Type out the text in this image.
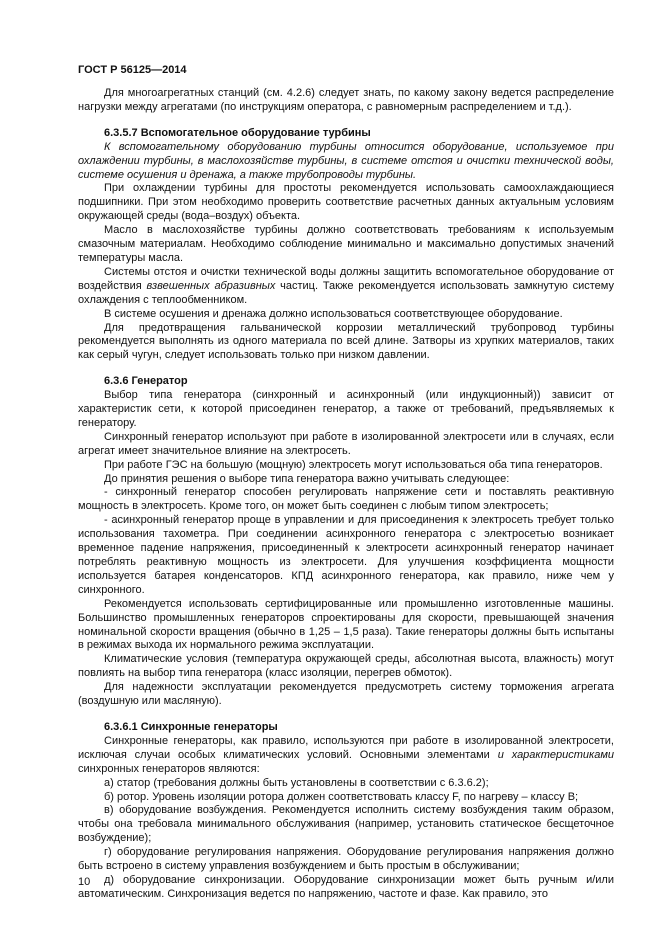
ГОСТ Р 56125—2014

Для многоагрегатных станций (см. 4.2.6) следует знать, по какому закону ведется распределение нагрузки между агрегатами (по инструкциям оператора, с равномерным распределением и т.д.).

6.3.5.7 Вспомогательное оборудование турбины

К вспомогательному оборудованию турбины относится оборудование, используемое при охлаждении турбины, в маслохозяйстве турбины, в системе отстоя и очистки технической воды, системе осушения и дренажа, а также трубопроводы турбины.

При охлаждении турбины для простоты рекомендуется использовать самоохлаждающиеся подшипники. При этом необходимо проверить соответствие расчетных данных актуальным условиям окружающей среды (вода–воздух) объекта.

Масло в маслохозяйстве турбины должно соответствовать требованиям к используемым смазочным материалам. Необходимо соблюдение минимально и максимально допустимых значений температуры масла.

Системы отстоя и очистки технической воды должны защитить вспомогательное оборудование от воздействия взвешенных абразивных частиц. Также рекомендуется использовать замкнутую систему охлаждения с теплообменником.

В системе осушения и дренажа должно использоваться соответствующее оборудование.

Для предотвращения гальванической коррозии металлический трубопровод турбины рекомендуется выполнять из одного материала по всей длине. Затворы из хрупких материалов, таких как серый чугун, следует использовать только при низком давлении.

6.3.6 Генератор

Выбор типа генератора (синхронный и асинхронный (или индукционный)) зависит от характеристик сети, к которой присоединен генератор, а также от требований, предъявляемых к генератору.

Синхронный генератор используют при работе в изолированной электросети или в случаях, если агрегат имеет значительное влияние на электросеть.

При работе ГЭС на большую (мощную) электросеть могут использоваться оба типа генераторов.

До принятия решения о выборе типа генератора важно учитывать следующее:

- синхронный генератор способен регулировать напряжение сети и поставлять реактивную мощность в электросеть. Кроме того, он может быть соединен с любым типом электросеть;

- асинхронный генератор проще в управлении и для присоединения к электросеть требует только использования тахометра. При соединении асинхронного генератора с электросетью возникает временное падение напряжения, присоединенный к электросети асинхронный генератор начинает потреблять реактивную мощность из электросети. Для улучшения коэффициента мощности используется батарея конденсаторов. КПД асинхронного генератора, как правило, ниже чем у синхронного.

Рекомендуется использовать сертифицированные или промышленно изготовленные машины. Большинство промышленных генераторов спроектированы для скорости, превышающей значения номинальной скорости вращения (обычно в 1,25 – 1,5 раза). Такие генераторы должны быть испытаны в режимах выхода их нормального режима эксплуатации.

Климатические условия (температура окружающей среды, абсолютная высота, влажность) могут повлиять на выбор типа генератора (класс изоляции, перегрев обмоток).

Для надежности эксплуатации рекомендуется предусмотреть систему торможения агрегата (воздушную или масляную).

6.3.6.1 Синхронные генераторы

Синхронные генераторы, как правило, используются при работе в изолированной электросети, исключая случаи особых климатических условий. Основными элементами и характеристиками синхронных генераторов являются:

а) статор (требования должны быть установлены в соответствии с 6.3.6.2);

б) ротор. Уровень изоляции ротора должен соответствовать классу F, по нагреву – классу B;

в) оборудование возбуждения. Рекомендуется исполнить систему возбуждения таким образом, чтобы она требовала минимального обслуживания (например, установить статическое бесщеточное возбуждение);

г) оборудование регулирования напряжения. Оборудование регулирования напряжения должно быть встроено в систему управления возбуждением и быть простым в обслуживании;

д) оборудование синхронизации. Оборудование синхронизации может быть ручным и/или автоматическим. Синхронизация ведется по напряжению, частоте и фазе. Как правило, это

10
